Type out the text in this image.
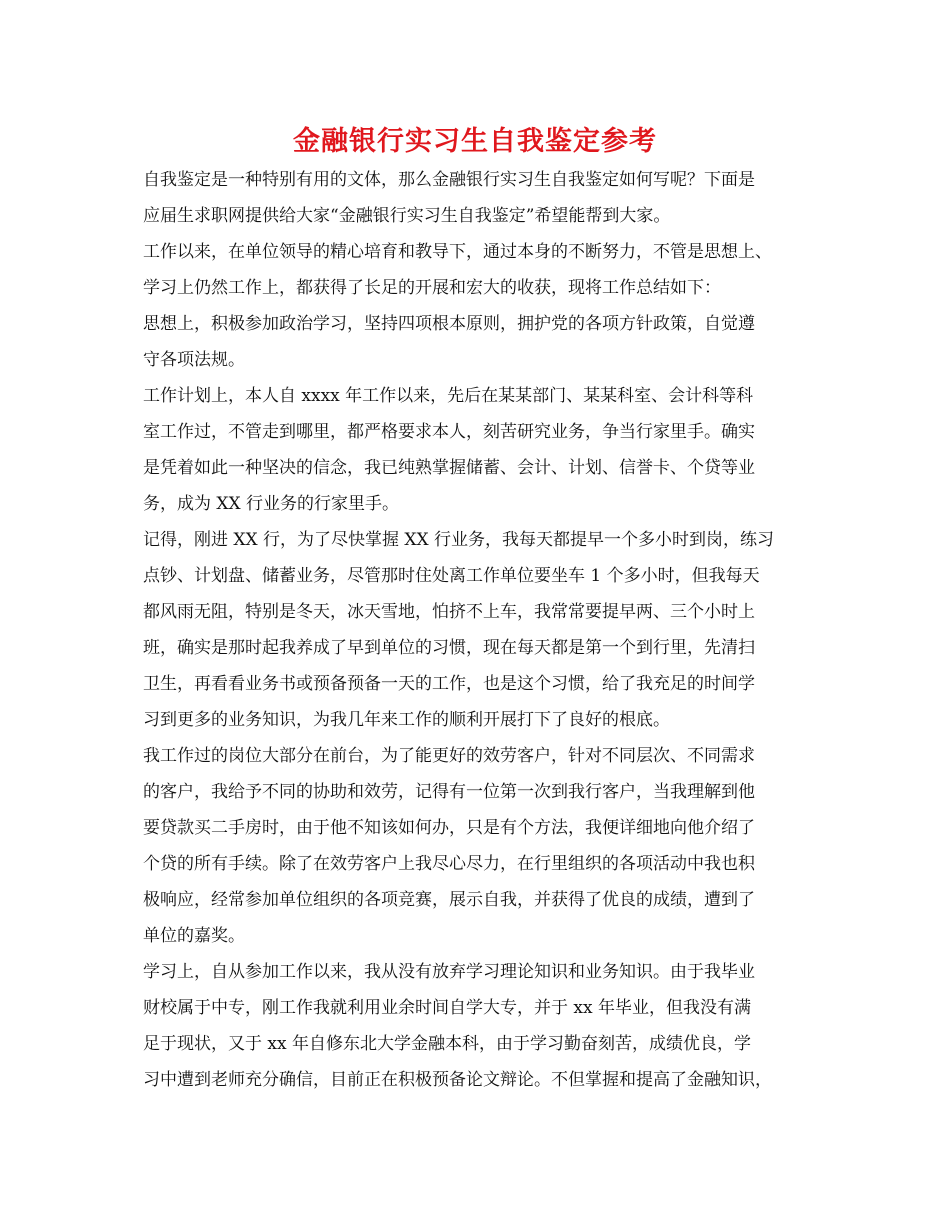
金融银行实习生自我鉴定参考
自我鉴定是一种特别有用的文体，那么金融银行实习生自我鉴定如何写呢？下面是
应届生求职网提供给大家“金融银行实习生自我鉴定”希望能帮到大家。
工作以来，在单位领导的精心培育和教导下，通过本身的不断努力，不管是思想上、
学习上仍然工作上，都获得了长足的开展和宏大的收获，现将工作总结如下：
思想上，积极参加政治学习，坚持四项根本原则，拥护党的各项方针政策，自觉遵
守各项法规。
工作计划上，本人自 xxxx 年工作以来，先后在某某部门、某某科室、会计科等科
室工作过，不管走到哪里，都严格要求本人，刻苦研究业务，争当行家里手。确实
是凭着如此一种坚决的信念，我已纯熟掌握储蓄、会计、计划、信誉卡、个贷等业
务，成为 XX 行业务的行家里手。
记得，刚进 XX 行，为了尽快掌握 XX 行业务，我每天都提早一个多小时到岗，练习
点钞、计划盘、储蓄业务，尽管那时住处离工作单位要坐车 1 个多小时，但我每天
都风雨无阻，特别是冬天，冰天雪地，怕挤不上车，我常常要提早两、三个小时上
班，确实是那时起我养成了早到单位的习惯，现在每天都是第一个到行里，先清扫
卫生，再看看业务书或预备预备一天的工作，也是这个习惯，给了我充足的时间学
习到更多的业务知识，为我几年来工作的顺利开展打下了良好的根底。
我工作过的岗位大部分在前台，为了能更好的效劳客户，针对不同层次、不同需求
的客户，我给予不同的协助和效劳，记得有一位第一次到我行客户，当我理解到他
要贷款买二手房时，由于他不知该如何办，只是有个方法，我便详细地向他介绍了
个贷的所有手续。除了在效劳客户上我尽心尽力，在行里组织的各项活动中我也积
极响应，经常参加单位组织的各项竞赛，展示自我，并获得了优良的成绩，遭到了
单位的嘉奖。
学习上，自从参加工作以来，我从没有放弃学习理论知识和业务知识。由于我毕业
财校属于中专，刚工作我就利用业余时间自学大专，并于 xx 年毕业，但我没有满
足于现状，又于 xx 年自修东北大学金融本科，由于学习勤奋刻苦，成绩优良，学
习中遭到老师充分确信，目前正在积极预备论文辩论。不但掌握和提高了金融知识，
